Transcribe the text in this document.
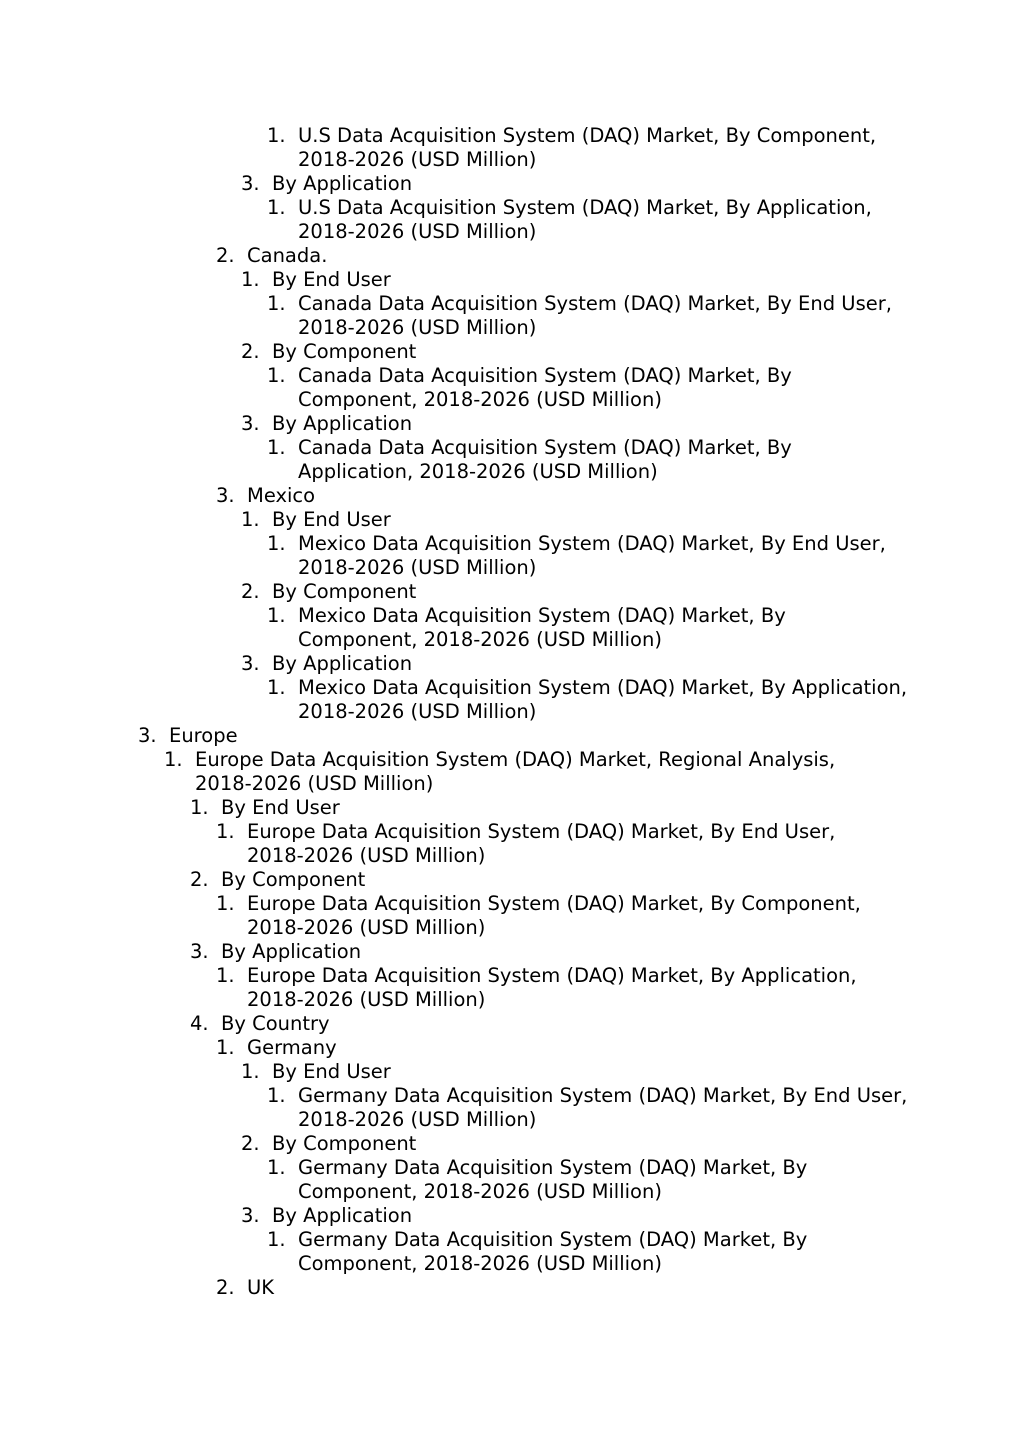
1. U.S Data Acquisition System (DAQ) Market, By Component, 2018-2026 (USD Million)
3. By Application
1. U.S Data Acquisition System (DAQ) Market, By Application, 2018-2026 (USD Million)
2. Canada.
1. By End User
1. Canada Data Acquisition System (DAQ) Market, By End User, 2018-2026 (USD Million)
2. By Component
1. Canada Data Acquisition System (DAQ) Market, By Component, 2018-2026 (USD Million)
3. By Application
1. Canada Data Acquisition System (DAQ) Market, By Application, 2018-2026 (USD Million)
3. Mexico
1. By End User
1. Mexico Data Acquisition System (DAQ) Market, By End User, 2018-2026 (USD Million)
2. By Component
1. Mexico Data Acquisition System (DAQ) Market, By Component, 2018-2026 (USD Million)
3. By Application
1. Mexico Data Acquisition System (DAQ) Market, By Application, 2018-2026 (USD Million)
3. Europe
1. Europe Data Acquisition System (DAQ) Market, Regional Analysis, 2018-2026 (USD Million)
1. By End User
1. Europe Data Acquisition System (DAQ) Market, By End User, 2018-2026 (USD Million)
2. By Component
1. Europe Data Acquisition System (DAQ) Market, By Component, 2018-2026 (USD Million)
3. By Application
1. Europe Data Acquisition System (DAQ) Market, By Application, 2018-2026 (USD Million)
4. By Country
1. Germany
1. By End User
1. Germany Data Acquisition System (DAQ) Market, By End User, 2018-2026 (USD Million)
2. By Component
1. Germany Data Acquisition System (DAQ) Market, By Component, 2018-2026 (USD Million)
3. By Application
1. Germany Data Acquisition System (DAQ) Market, By Component, 2018-2026 (USD Million)
2. UK
